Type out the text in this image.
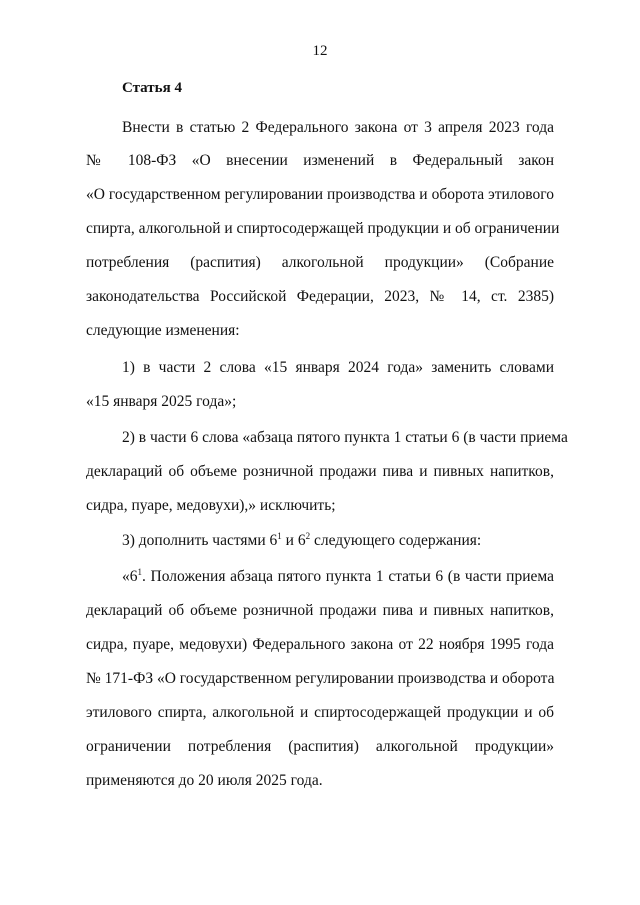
12
Статья 4
Внести в статью 2 Федерального закона от 3 апреля 2023 года
№ 108-ФЗ «О внесении изменений в Федеральный закон
«О государственном регулировании производства и оборота этилового
спирта, алкогольной и спиртосодержащей продукции и об ограничении
потребления (распития) алкогольной продукции» (Собрание
законодательства Российской Федерации, 2023, № 14, ст. 2385)
следующие изменения:
1) в части 2 слова «15 января 2024 года» заменить словами
«15 января 2025 года»;
2) в части 6 слова «абзаца пятого пункта 1 статьи 6 (в части приема
деклараций об объеме розничной продажи пива и пивных напитков,
сидра, пуаре, медовухи),» исключить;
3) дополнить частями $6^1$ и $6^2$ следующего содержания:
«$6^1$. Положения абзаца пятого пункта 1 статьи 6 (в части приема
деклараций об объеме розничной продажи пива и пивных напитков,
сидра, пуаре, медовухи) Федерального закона от 22 ноября 1995 года
№ 171-ФЗ «О государственном регулировании производства и оборота
этилового спирта, алкогольной и спиртосодержащей продукции и об
ограничении потребления (распития) алкогольной продукции»
применяются до 20 июля 2025 года.
